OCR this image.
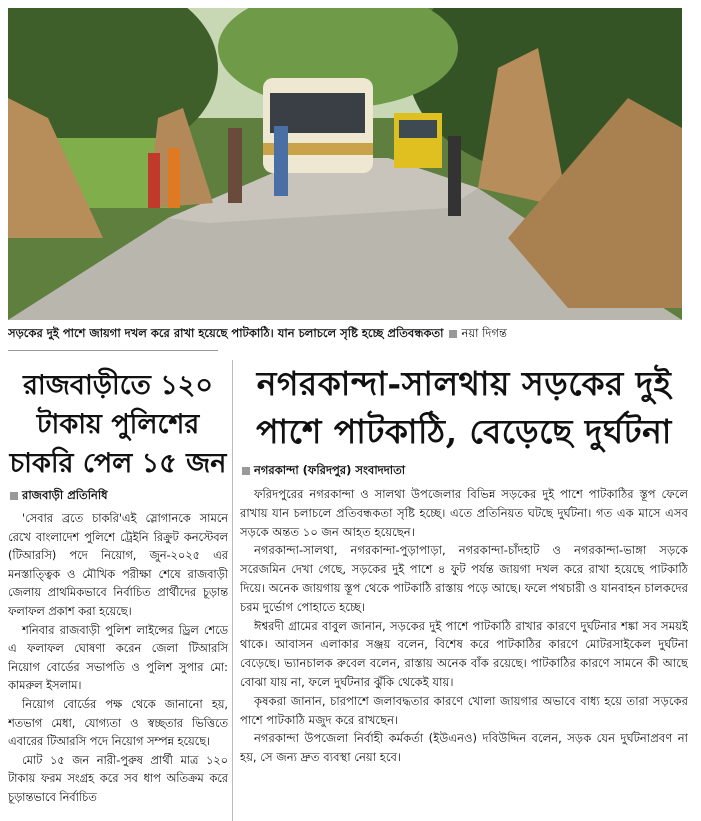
সড়কের দুই পাশে জায়গা দখল করে রাখা হয়েছে পাটকাঠি। যান চলাচলে সৃষ্টি হচ্ছে প্রতিবন্ধকতা নয়া দিগন্ত
রাজবাড়ীতে ১২০ টাকায় পুলিশের চাকরি পেল ১৫ জন
রাজবাড়ী প্রতিনিধি

'সেবার ব্রতে চাকরি'এই স্লোগানকে সামনে রেখে বাংলাদেশ পুলিশে ট্রেইনি রিক্রুট কনস্টেবল (টিআরসি) পদে নিয়োগ, জুন-২০২৫ এর মনস্তাত্ত্বিক ও মৌখিক পরীক্ষা শেষে রাজবাড়ী জেলায় প্রাথমিকভাবে নির্বাচিত প্রার্থীদের চূড়ান্ত ফলাফল প্রকাশ করা হয়েছে।

শনিবার রাজবাড়ী পুলিশ লাইন্সের ড্রিল শেডে এ ফলাফল ঘোষণা করেন জেলা টিআরসি নিয়োগ বোর্ডের সভাপতি ও পুলিশ সুপার মো: কামরুল ইসলাম।

নিয়োগ বোর্ডের পক্ষ থেকে জানানো হয়, শতভাগ মেধা, যোগ্যতা ও স্বচ্ছতার ভিত্তিতে এবারের টিআরসি পদে নিয়োগ সম্পন্ন হয়েছে।

মোট ১৫ জন নারী-পুরুষ প্রার্থী মাত্র ১২০ টাকায় ফরম সংগ্রহ করে সব ধাপ অতিক্রম করে চূড়ান্তভাবে নির্বাচিত

নগরকান্দা-সালথায় সড়কের দুই পাশে পাটকাঠি, বেড়েছে দুর্ঘটনা
নগরকান্দা (ফরিদপুর) সংবাদদাতা

ফরিদপুরের নগরকান্দা ও সালথা উপজেলার বিভিন্ন সড়কের দুই পাশে পাটকাঠির স্তূপ ফেলে রাখায় যান চলাচলে প্রতিবন্ধকতা সৃষ্টি হচ্ছে। এতে প্রতিনিয়ত ঘটছে দুর্ঘটনা। গত এক মাসে এসব সড়কে অন্তত ১০ জন আহত হয়েছেন।

নগরকান্দা-সালথা, নগরকান্দা-পুড়াপাড়া, নগরকান্দা-চাঁদহাট ও নগরকান্দা-ভাঙ্গা সড়কে সরেজমিন দেখা গেছে, সড়কের দুই পাশে ৪ ফুট পর্যন্ত জায়গা দখল করে রাখা হয়েছে পাটকাঠি দিয়ে। অনেক জায়গায় স্তূপ থেকে পাটকাঠি রাস্তায় পড়ে আছে। ফলে পথচারী ও যানবাহন চালকদের চরম দুর্ভোগ পোহাতে হচ্ছে।

ঈশ্বরদী গ্রামের বাবুল জানান, সড়কের দুই পাশে পাটকাঠি রাখার কারণে দুর্ঘটনার শঙ্কা সব সময়ই থাকে। আবাসন এলাকার সঞ্জয় বলেন, বিশেষ করে পাটকাঠির কারণে মোটরসাইকেল দুর্ঘটনা বেড়েছে। ভ্যানচালক রুবেল বলেন, রাস্তায় অনেক বাঁক রয়েছে। পাটকাঠির কারণে সামনে কী আছে বোঝা যায় না, ফলে দুর্ঘটনার ঝুঁকি থেকেই যায়।

কৃষকরা জানান, চারপাশে জলাবদ্ধতার কারণে খোলা জায়গার অভাবে বাধ্য হয়ে তারা সড়কের পাশে পাটকাঠি মজুদ করে রাখছেন।

নগরকান্দা উপজেলা নির্বাহী কর্মকর্তা (ইউএনও) দবিউদ্দিন বলেন, সড়ক যেন দুর্ঘটনাপ্রবণ না হয়, সে জন্য দ্রুত ব্যবস্থা নেয়া হবে।
